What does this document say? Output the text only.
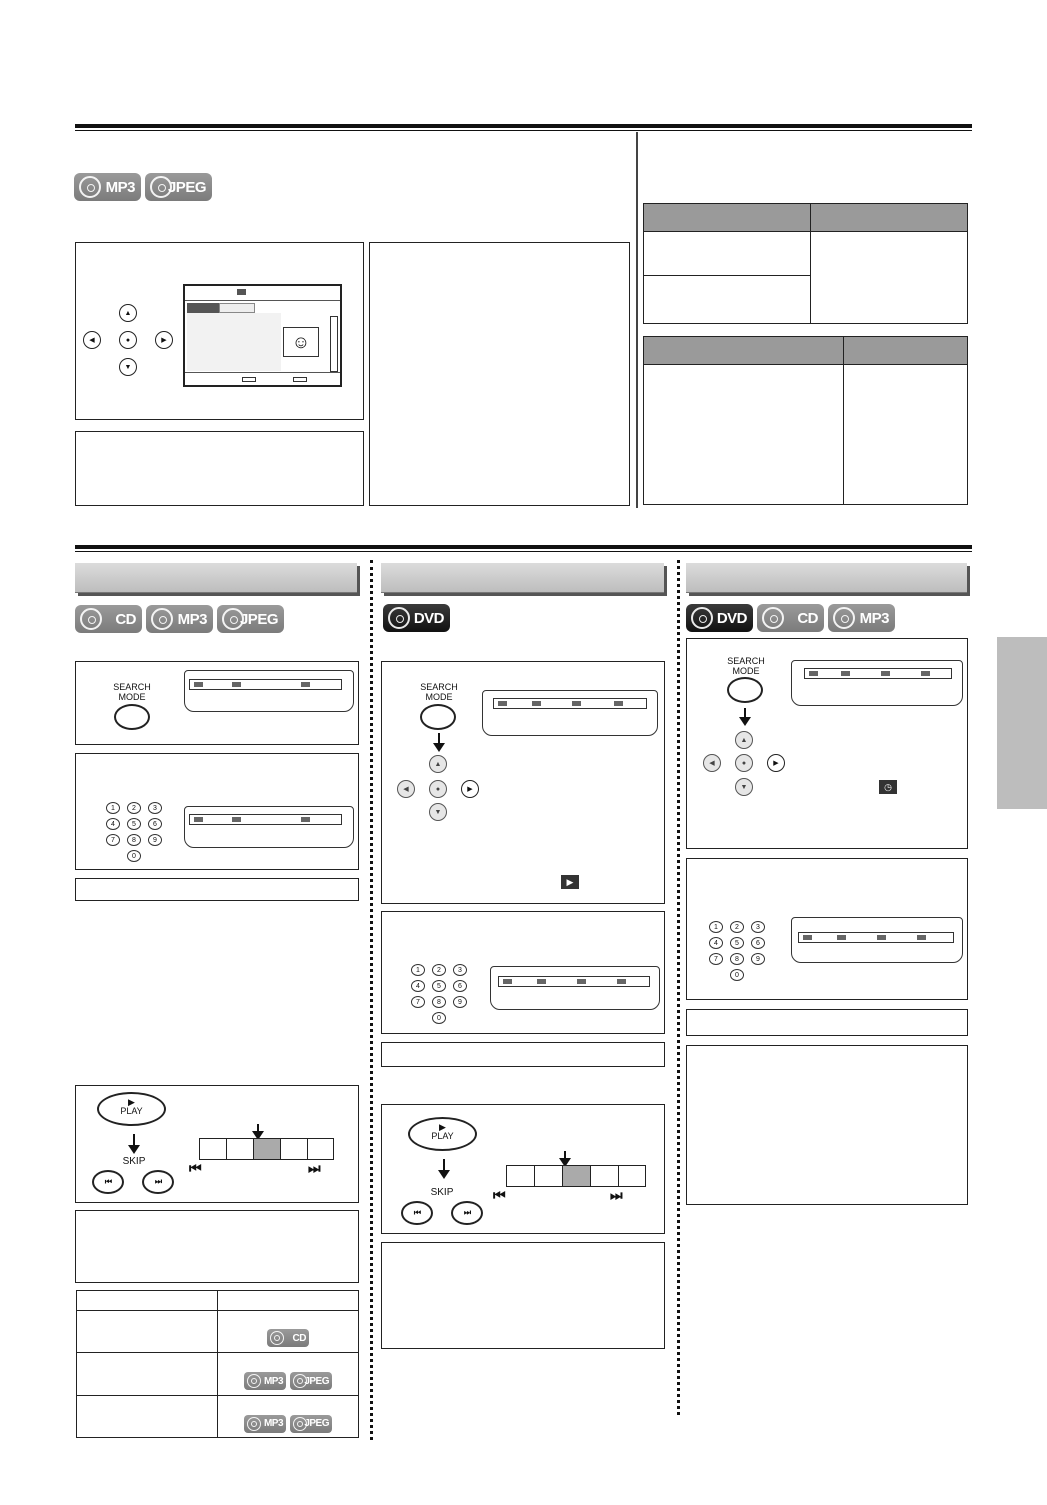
MP3 JPEG
▲
◀	●	▶
▼
☺

CD	MP3 JPEG	DVD	DVD	CD	MP3
SEARCH
MODE
1	2	3
4	5	6
7	8	9
0
▶
PLAY
SKIP
⏮	⏭
⏮	⏭

	CD

	MP3 JPEG

	MP3 JPEG
SEARCH
MODE
▲
◀	●	▶
▼
▶
1	2	3
4	5	6
7	8	9
0
▶
PLAY
SKIP
⏮	⏭
⏮	⏭
SEARCH
MODE
▲
◀	●	▶
▼	◷
1	2	3
4	5	6
7	8	9
0
